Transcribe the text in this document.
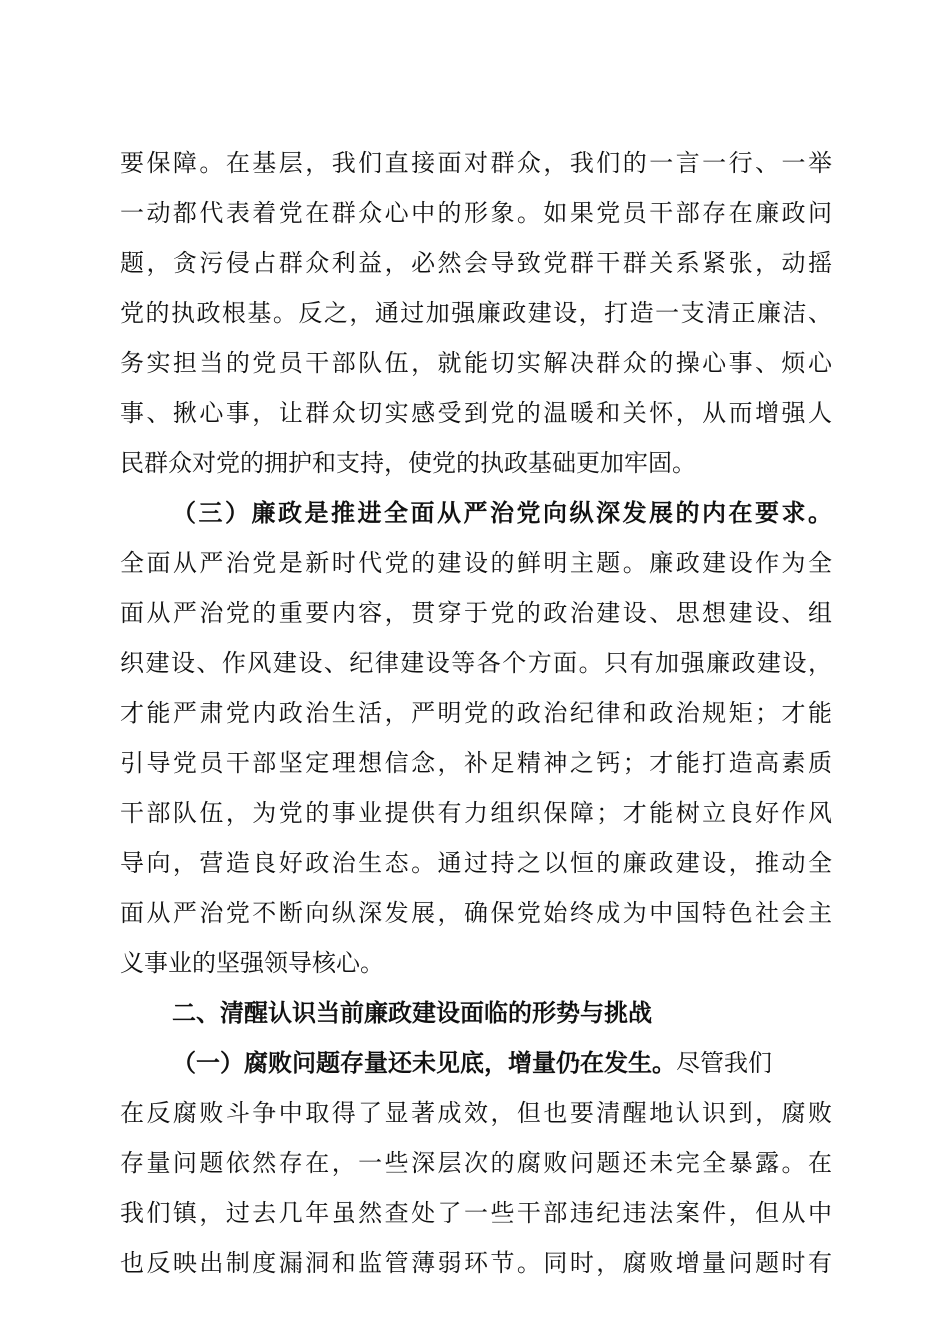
要保障。在基层，我们直接面对群众，我们的一言一行、一举
一动都代表着党在群众心中的形象。如果党员干部存在廉政问
题，贪污侵占群众利益，必然会导致党群干群关系紧张，动摇
党的执政根基。反之，通过加强廉政建设，打造一支清正廉洁、
务实担当的党员干部队伍，就能切实解决群众的操心事、烦心
事、揪心事，让群众切实感受到党的温暖和关怀，从而增强人
民群众对党的拥护和支持，使党的执政基础更加牢固。
（三）廉政是推进全面从严治党向纵深发展的内在要求。
全面从严治党是新时代党的建设的鲜明主题。廉政建设作为全
面从严治党的重要内容，贯穿于党的政治建设、思想建设、组
织建设、作风建设、纪律建设等各个方面。只有加强廉政建设，
才能严肃党内政治生活，严明党的政治纪律和政治规矩；才能
引导党员干部坚定理想信念，补足精神之钙；才能打造高素质
干部队伍，为党的事业提供有力组织保障；才能树立良好作风
导向，营造良好政治生态。通过持之以恒的廉政建设，推动全
面从严治党不断向纵深发展，确保党始终成为中国特色社会主
义事业的坚强领导核心。
二、清醒认识当前廉政建设面临的形势与挑战
（一）腐败问题存量还未见底，增量仍在发生。尽管我们
在反腐败斗争中取得了显著成效，但也要清醒地认识到，腐败
存量问题依然存在，一些深层次的腐败问题还未完全暴露。在
我们镇，过去几年虽然查处了一些干部违纪违法案件，但从中
也反映出制度漏洞和监管薄弱环节。同时，腐败增量问题时有
